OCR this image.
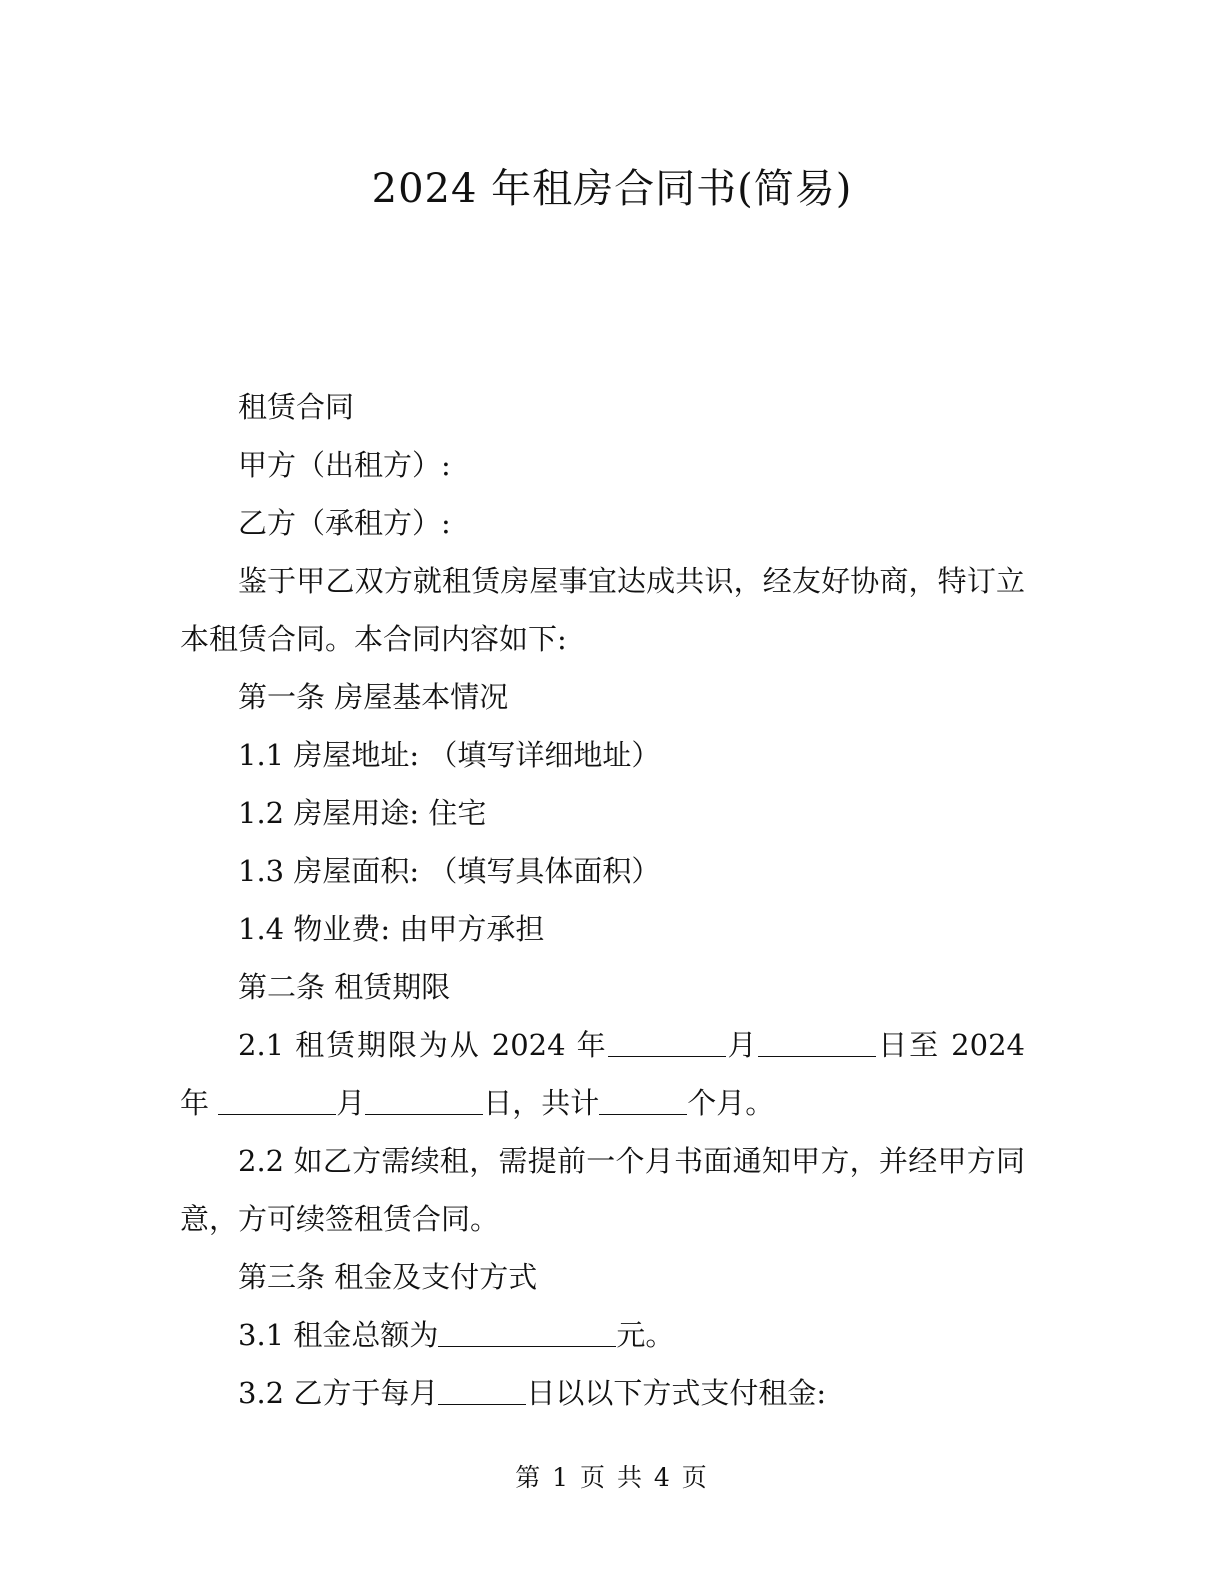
2024 年租房合同书(简易)

租赁合同

甲方（出租方）:

乙方（承租方）:

鉴于甲乙双方就租赁房屋事宜达成共识，经友好协商，特订立本租赁合同。本合同内容如下:

第一条 房屋基本情况

1.1 房屋地址: （填写详细地址）

1.2 房屋用途: 住宅

1.3 房屋面积: （填写具体面积）

1.4 物业费: 由甲方承担

第二条 租赁期限

2.1 租赁期限为从 2024 年	月	日至 2024 年	月	日，共计	个月。

2.2 如乙方需续租，需提前一个月书面通知甲方，并经甲方同意，方可续签租赁合同。

第三条 租金及支付方式

3.1 租金总额为	元。

3.2 乙方于每月	日以以下方式支付租金:

第 1 页 共 4 页
